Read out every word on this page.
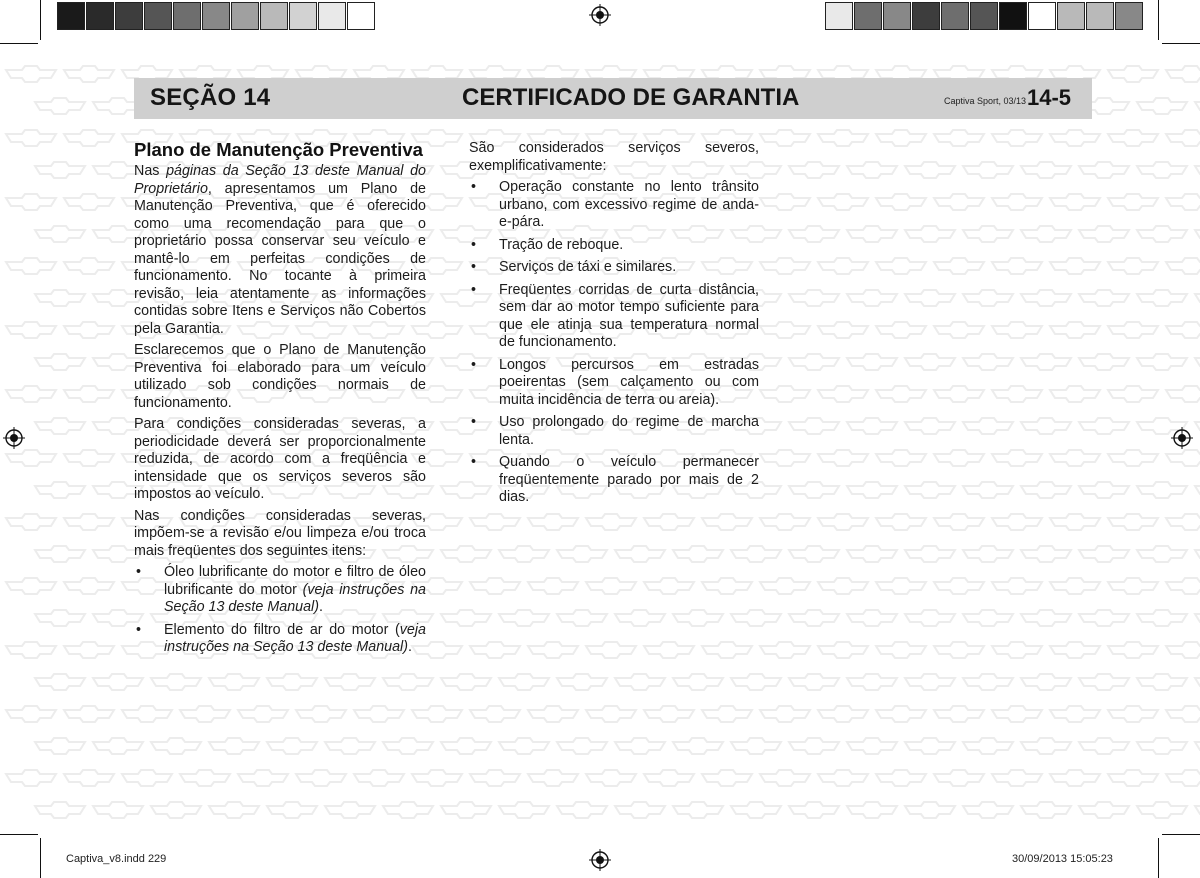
SEÇÃO 14	CERTIFICADO DE GARANTIA	Captiva Sport, 03/13 14-5
Plano de Manutenção Preventiva

Nas páginas da Seção 13 deste Manual do Proprietário, apresentamos um Plano de Manutenção Preventiva, que é oferecido como uma recomendação para que o proprietário possa conservar seu veículo e mantê-lo em perfeitas condições de funcionamento. No tocante à primeira revisão, leia atentamente as informações contidas sobre Itens e Serviços não Cobertos pela Garantia.

Esclarecemos que o Plano de Manutenção Preventiva foi elaborado para um veículo utilizado sob condições normais de funcionamento.

Para condições consideradas severas, a periodicidade deverá ser proporcionalmente reduzida, de acordo com a freqüência e intensidade que os serviços severos são impostos ao veículo.

Nas condições consideradas severas, impõem-se a revisão e/ou limpeza e/ou troca mais freqüentes dos seguintes itens:

• Óleo lubrificante do motor e filtro de óleo lubrificante do motor (veja instruções na Seção 13 deste Manual).
• Elemento do filtro de ar do motor (veja instruções na Seção 13 deste Manual).

São considerados serviços severos, exemplificativamente:

• Operação constante no lento trânsito urbano, com excessivo regime de anda-e-pára.
• Tração de reboque.
• Serviços de táxi e similares.
• Freqüentes corridas de curta distância, sem dar ao motor tempo suficiente para que ele atinja sua temperatura normal de funcionamento.
• Longos percursos em estradas poeirentas (sem calçamento ou com muita incidência de terra ou areia).
• Uso prolongado do regime de marcha lenta.
• Quando o veículo permanecer freqüentemente parado por mais de 2 dias.
Captiva_v8.indd 229	30/09/2013 15:05:23
